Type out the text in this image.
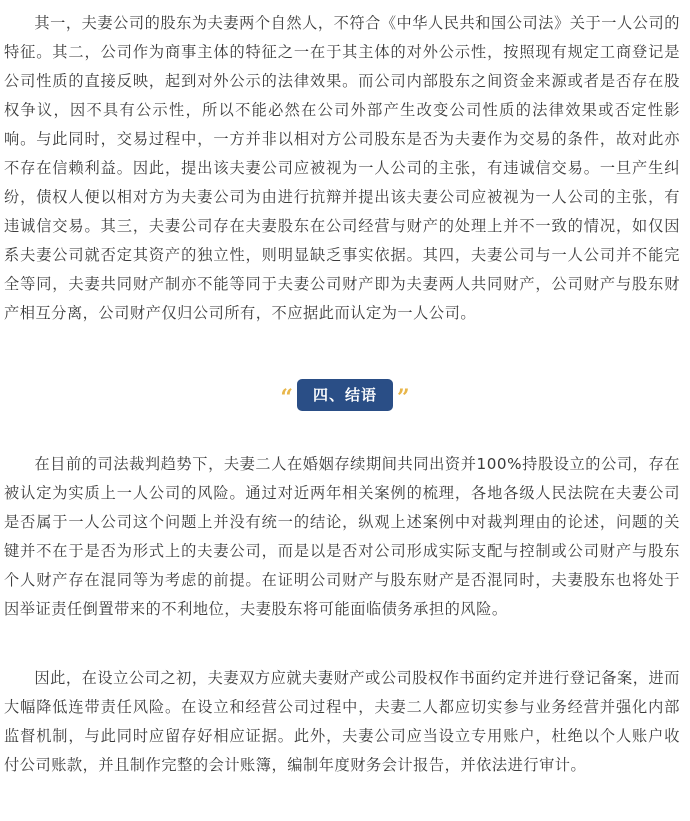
其一，夫妻公司的股东为夫妻两个自然人，不符合《中华人民共和国公司法》关于一人公司的特征。其二，公司作为商事主体的特征之一在于其主体的对外公示性，按照现有规定工商登记是公司性质的直接反映，起到对外公示的法律效果。而公司内部股东之间资金来源或者是否存在股权争议，因不具有公示性，所以不能必然在公司外部产生改变公司性质的法律效果或否定性影响。与此同时，交易过程中，一方并非以相对方公司股东是否为夫妻作为交易的条件，故对此亦不存在信赖利益。因此，提出该夫妻公司应被视为一人公司的主张，有违诚信交易。一旦产生纠纷，债权人便以相对方为夫妻公司为由进行抗辩并提出该夫妻公司应被视为一人公司的主张，有违诚信交易。其三，夫妻公司存在夫妻股东在公司经营与财产的处理上并不一致的情况，如仅因系夫妻公司就否定其资产的独立性，则明显缺乏事实依据。其四，夫妻公司与一人公司并不能完全等同，夫妻共同财产制亦不能等同于夫妻公司财产即为夫妻两人共同财产，公司财产与股东财产相互分离，公司财产仅归公司所有，不应据此而认定为一人公司。

“	四、结语 ”

在目前的司法裁判趋势下，夫妻二人在婚姻存续期间共同出资并100%持股设立的公司，存在被认定为实质上一人公司的风险。通过对近两年相关案例的梳理，各地各级人民法院在夫妻公司是否属于一人公司这个问题上并没有统一的结论，纵观上述案例中对裁判理由的论述，问题的关键并不在于是否为形式上的夫妻公司，而是以是否对公司形成实际支配与控制或公司财产与股东个人财产存在混同等为考虑的前提。在证明公司财产与股东财产是否混同时，夫妻股东也将处于因举证责任倒置带来的不利地位，夫妻股东将可能面临债务承担的风险。

因此，在设立公司之初，夫妻双方应就夫妻财产或公司股权作书面约定并进行登记备案，进而大幅降低连带责任风险。在设立和经营公司过程中，夫妻二人都应切实参与业务经营并强化内部监督机制，与此同时应留存好相应证据。此外，夫妻公司应当设立专用账户，杜绝以个人账户收付公司账款，并且制作完整的会计账簿，编制年度财务会计报告，并依法进行审计。
